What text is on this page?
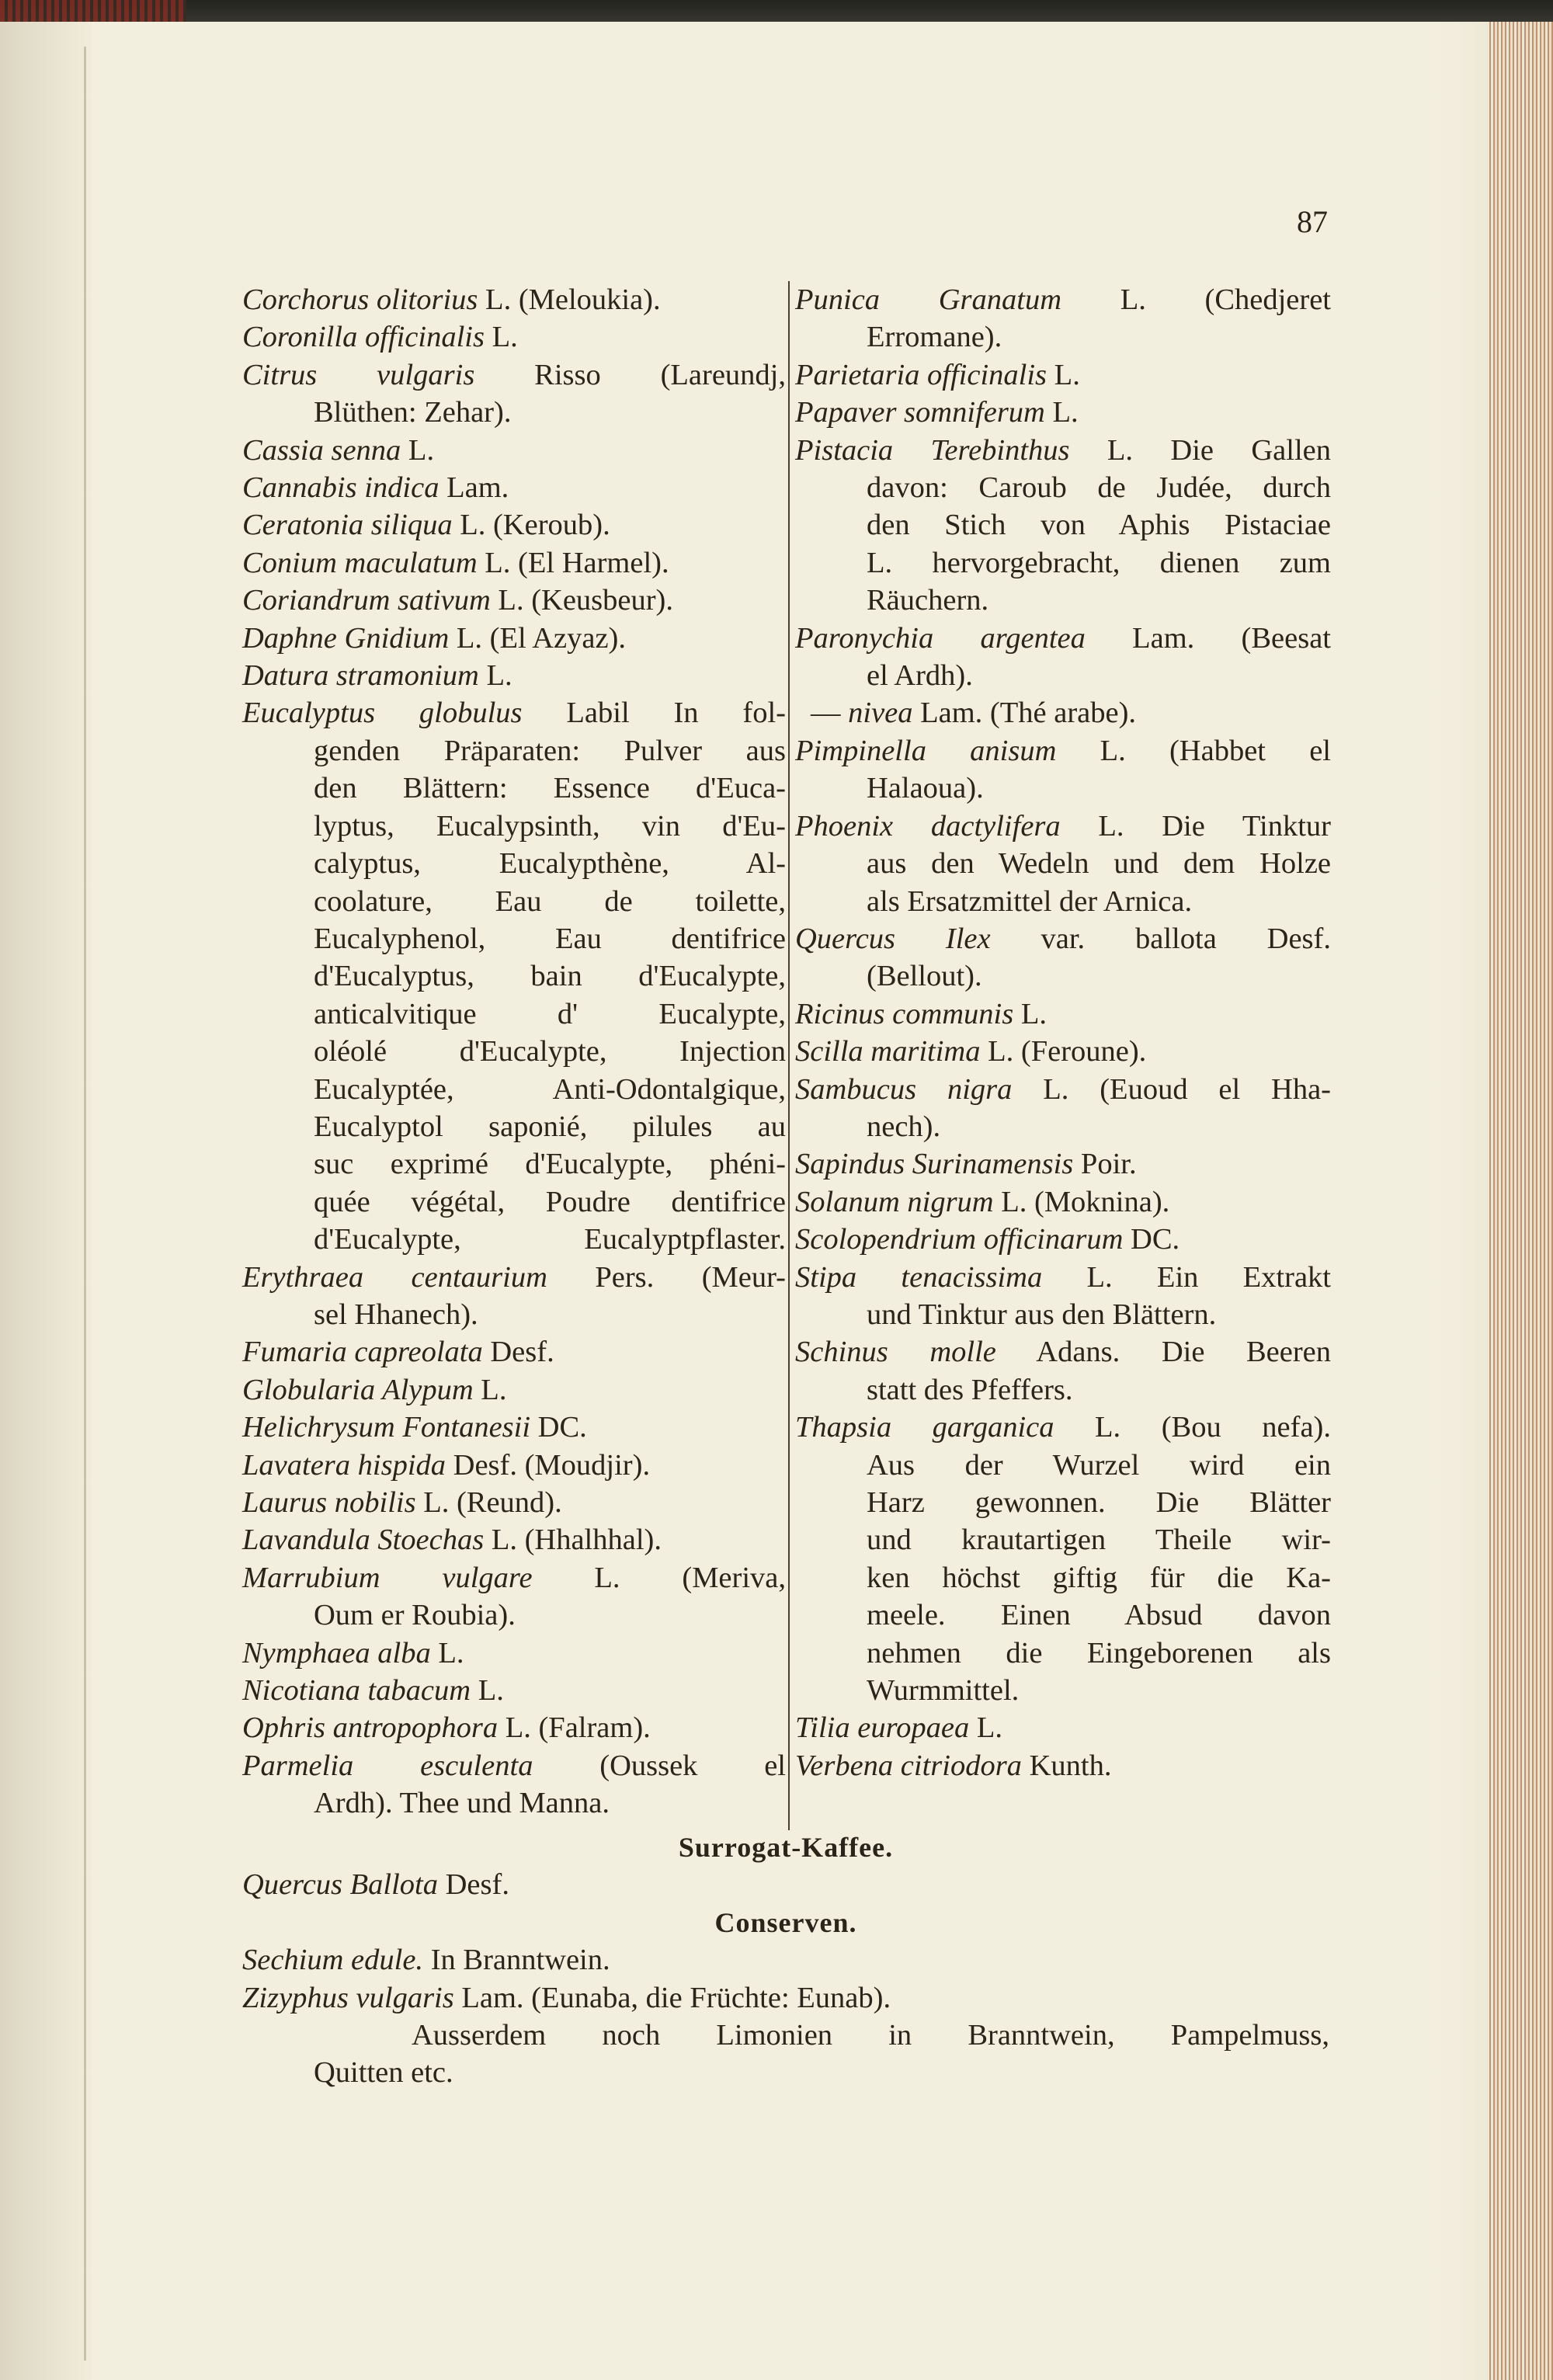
87
Corchorus olitorius L. (Meloukia).
Coronilla officinalis L.
Citrus vulgaris Risso (Lareundj,
Blüthen: Zehar).
Cassia senna L.
Cannabis indica Lam.
Ceratonia siliqua L. (Keroub).
Conium maculatum L. (El Harmel).
Coriandrum sativum L. (Keusbeur).
Daphne Gnidium L. (El Azyaz).
Datura stramonium L.
Eucalyptus globulus Labil In fol-
genden Präparaten: Pulver aus
den Blättern: Essence d'Euca-
lyptus, Eucalypsinth, vin d'Eu-
calyptus, Eucalypthène, Al-
coolature, Eau de toilette,
Eucalyphenol, Eau dentifrice
d'Eucalyptus, bain d'Eucalypte,
anticalvitique d' Eucalypte,
oléolé d'Eucalypte, Injection
Eucalyptée, Anti-Odontalgique,
Eucalyptol saponié, pilules au
suc exprimé d'Eucalypte, phéni-
quée végétal, Poudre dentifrice
d'Eucalypte, Eucalyptpflaster.
Erythraea centaurium Pers. (Meur-
sel Hhanech).
Fumaria capreolata Desf.
Globularia Alypum L.
Helichrysum Fontanesii DC.
Lavatera hispida Desf. (Moudjir).
Laurus nobilis L. (Reund).
Lavandula Stoechas L. (Hhalhhal).
Marrubium vulgare L. (Meriva,
Oum er Roubia).
Nymphaea alba L.
Nicotiana tabacum L.
Ophris antropophora L. (Falram).
Parmelia esculenta (Oussek el
Ardh). Thee und Manna.
Punica Granatum L. (Chedjeret
Erromane).
Parietaria officinalis L.
Papaver somniferum L.
Pistacia Terebinthus L. Die Gallen
davon: Caroub de Judée, durch
den Stich von Aphis Pistaciae
L. hervorgebracht, dienen zum
Räuchern.
Paronychia argentea Lam. (Beesat
el Ardh).
— nivea Lam. (Thé arabe).
Pimpinella anisum L. (Habbet el
Halaoua).
Phoenix dactylifera L. Die Tinktur
aus den Wedeln und dem Holze
als Ersatzmittel der Arnica.
Quercus Ilex var. ballota Desf.
(Bellout).
Ricinus communis L.
Scilla maritima L. (Feroune).
Sambucus nigra L. (Euoud el Hha-
nech).
Sapindus Surinamensis Poir.
Solanum nigrum L. (Moknina).
Scolopendrium officinarum DC.
Stipa tenacissima L. Ein Extrakt
und Tinktur aus den Blättern.
Schinus molle Adans. Die Beeren
statt des Pfeffers.
Thapsia garganica L. (Bou nefa).
Aus der Wurzel wird ein
Harz gewonnen. Die Blätter
und krautartigen Theile wir-
ken höchst giftig für die Ka-
meele. Einen Absud davon
nehmen die Eingeborenen als
Wurmmittel.
Tilia europaea L.
Verbena citriodora Kunth.
Surrogat-Kaffee.
Quercus Ballota Desf.
Conserven.
Sechium edule. In Branntwein.
Zizyphus vulgaris Lam. (Eunaba, die Früchte: Eunab).
Ausserdem noch Limonien in Branntwein, Pampelmuss,
Quitten etc.
